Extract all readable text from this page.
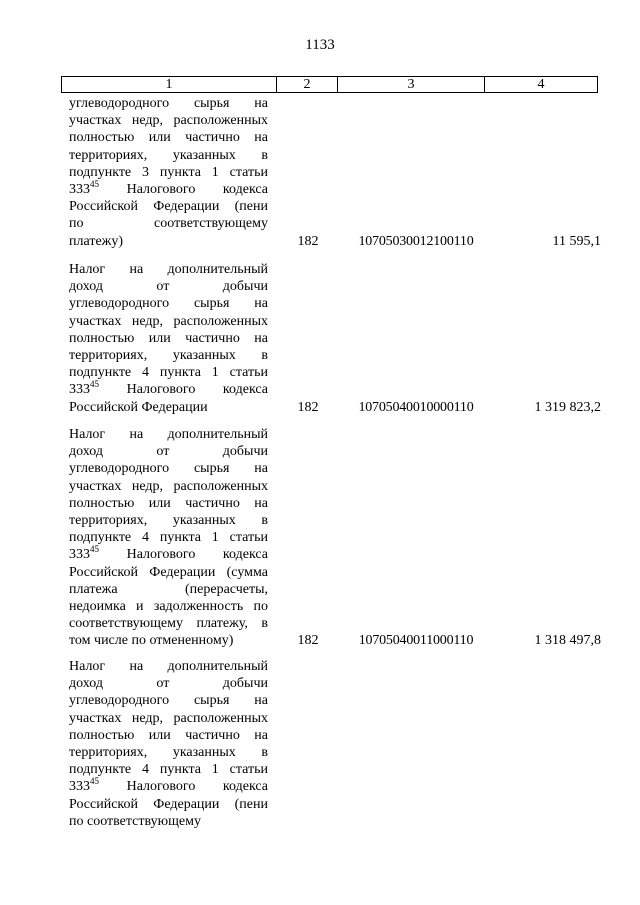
1133
1	2	3	4
углеводородного сырья на
участках недр, расположенных
полностью или частично на
территориях, указанных в
подпункте 3 пункта 1 статьи
$333^{45}$ Налогового кодекса
Российской Федерации (пени
по соответствующему
платежу)	182	10705030012100110	11 595,1
Налог на дополнительный
доход от добычи
углеводородного сырья на
участках недр, расположенных
полностью или частично на
территориях, указанных в
подпункте 4 пункта 1 статьи
$333^{45}$ Налогового кодекса
Российской Федерации	182	10705040010000110	1 319 823,2
Налог на дополнительный
доход от добычи
углеводородного сырья на
участках недр, расположенных
полностью или частично на
территориях, указанных в
подпункте 4 пункта 1 статьи
$333^{45}$ Налогового кодекса
Российской Федерации (сумма
платежа (перерасчеты,
недоимка и задолженность по
соответствующему платежу, в
том числе по отмененному)	182	10705040011000110	1 318 497,8
Налог на дополнительный
доход от добычи
углеводородного сырья на
участках недр, расположенных
полностью или частично на
территориях, указанных в
подпункте 4 пункта 1 статьи
$333^{45}$ Налогового кодекса
Российской Федерации (пени
по соответствующему
